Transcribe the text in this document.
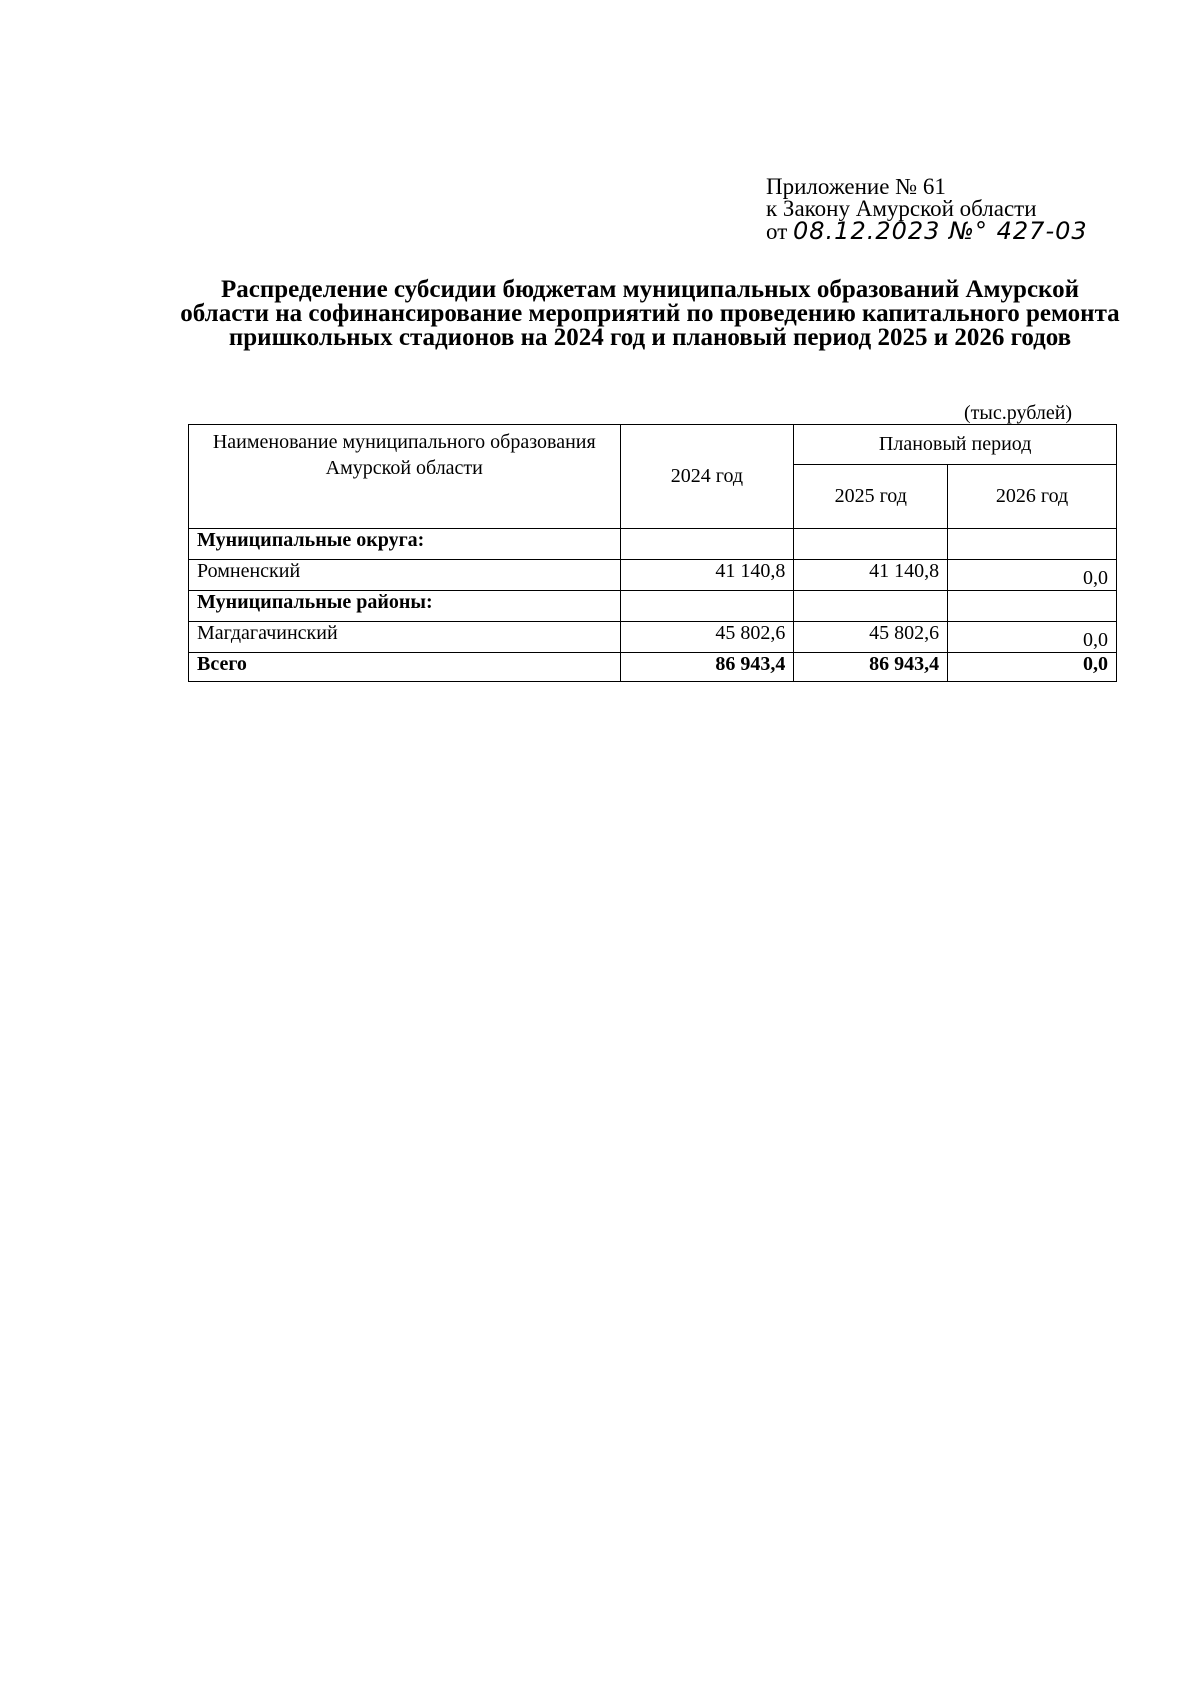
Приложение № 61
к Закону Амурской области
от 08.12.2023 №° 427-03
Распределение субсидии бюджетам муниципальных образований Амурской области на софинансирование мероприятий по проведению капитального ремонта пришкольных стадионов на 2024 год и плановый период 2025 и 2026 годов
(тыс.рублей)
Наименование муниципального образования Амурской области	2024 год	Плановый период	
		2025 год	2026 год
Муниципальные округа:			
Ромненский	41 140,8	41 140,8	0,0
Муниципальные районы:			
Магдагачинский	45 802,6	45 802,6	0,0
Всего	86 943,4	86 943,4	0,0
